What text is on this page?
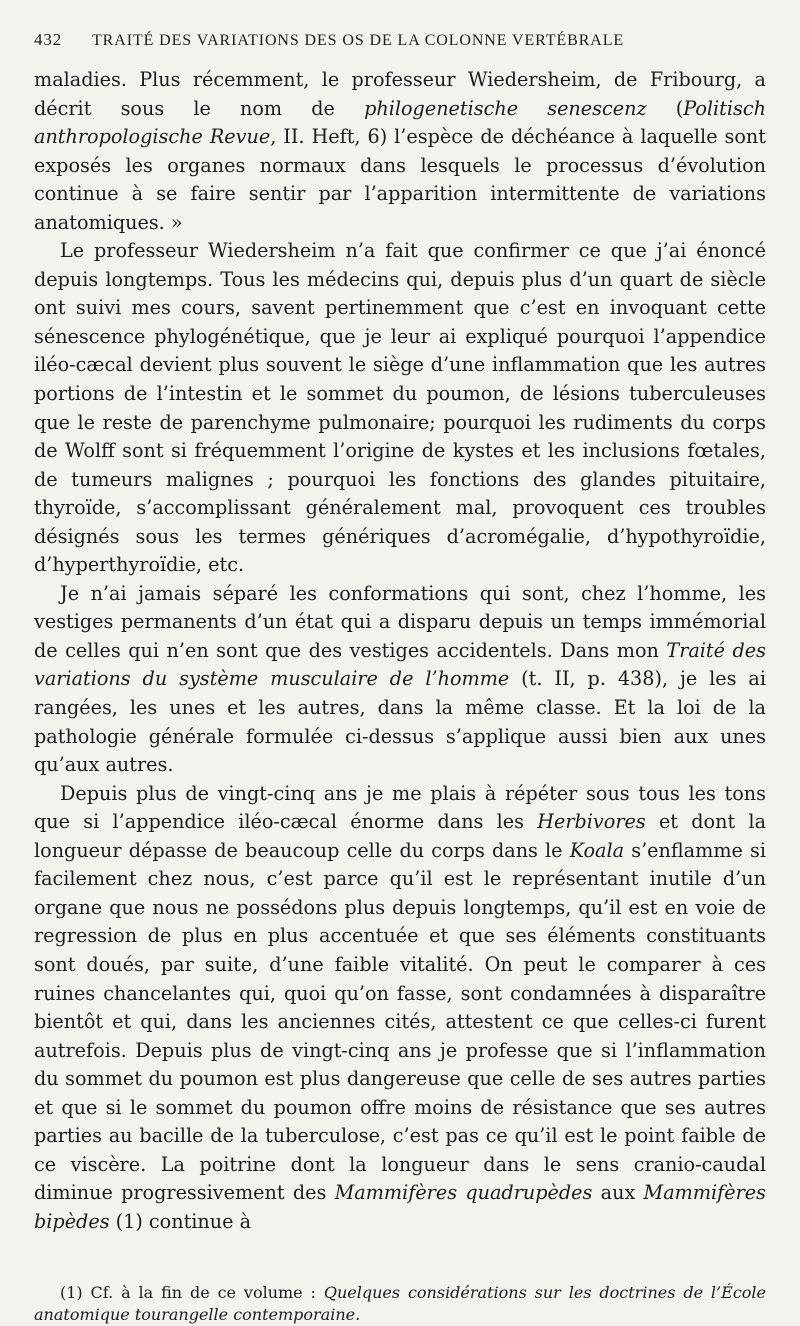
432	TRAITÉ DES VARIATIONS DES OS DE LA COLONNE VERTÉBRALE

maladies. Plus récemment, le professeur Wiedersheim, de Fribourg, a décrit sous le nom de philogenetische senescenz (Politisch anthropologische Revue, II. Heft, 6) l’espèce de déchéance à laquelle sont exposés les organes normaux dans lesquels le processus d’évolution continue à se faire sentir par l’apparition intermittente de variations anatomiques. »

Le professeur Wiedersheim n’a fait que confirmer ce que j’ai énoncé depuis longtemps. Tous les médecins qui, depuis plus d’un quart de siècle ont suivi mes cours, savent pertinemment que c’est en invoquant cette sénescence phylogénétique, que je leur ai expliqué pourquoi l’appendice iléo-cæcal devient plus souvent le siège d’une inflammation que les autres portions de l’intestin et le sommet du poumon, de lésions tuberculeuses que le reste de parenchyme pulmonaire; pourquoi les rudiments du corps de Wolff sont si fréquemment l’origine de kystes et les inclusions fœtales, de tumeurs malignes ; pourquoi les fonctions des glandes pituitaire, thyroïde, s’accomplissant généralement mal, provoquent ces troubles désignés sous les termes génériques d’acromégalie, d’hypothyroïdie, d’hyperthyroïdie, etc.

Je n’ai jamais séparé les conformations qui sont, chez l’homme, les vestiges permanents d’un état qui a disparu depuis un temps immémorial de celles qui n’en sont que des vestiges accidentels. Dans mon Traité des variations du système musculaire de l’homme (t. II, p. 438), je les ai rangées, les unes et les autres, dans la même classe. Et la loi de la pathologie générale formulée ci-dessus s’applique aussi bien aux unes qu’aux autres.

Depuis plus de vingt-cinq ans je me plais à répéter sous tous les tons que si l’appendice iléo-cæcal énorme dans les Herbivores et dont la longueur dépasse de beaucoup celle du corps dans le Koala s’enflamme si facilement chez nous, c’est parce qu’il est le représentant inutile d’un organe que nous ne possédons plus depuis longtemps, qu’il est en voie de regression de plus en plus accentuée et que ses éléments constituants sont doués, par suite, d’une faible vitalité. On peut le comparer à ces ruines chancelantes qui, quoi qu’on fasse, sont condamnées à disparaître bientôt et qui, dans les anciennes cités, attestent ce que celles-ci furent autrefois. Depuis plus de vingt-cinq ans je professe que si l’inflammation du sommet du poumon est plus dangereuse que celle de ses autres parties et que si le sommet du poumon offre moins de résistance que ses autres parties au bacille de la tuberculose, c’est pas ce qu’il est le point faible de ce viscère. La poitrine dont la longueur dans le sens cranio-caudal diminue progressivement des Mammifères quadrupèdes aux Mammifères bipèdes (1) continue à

(1) Cf. à la fin de ce volume : Quelques considérations sur les doctrines de l’École anatomique tourangelle contemporaine.
